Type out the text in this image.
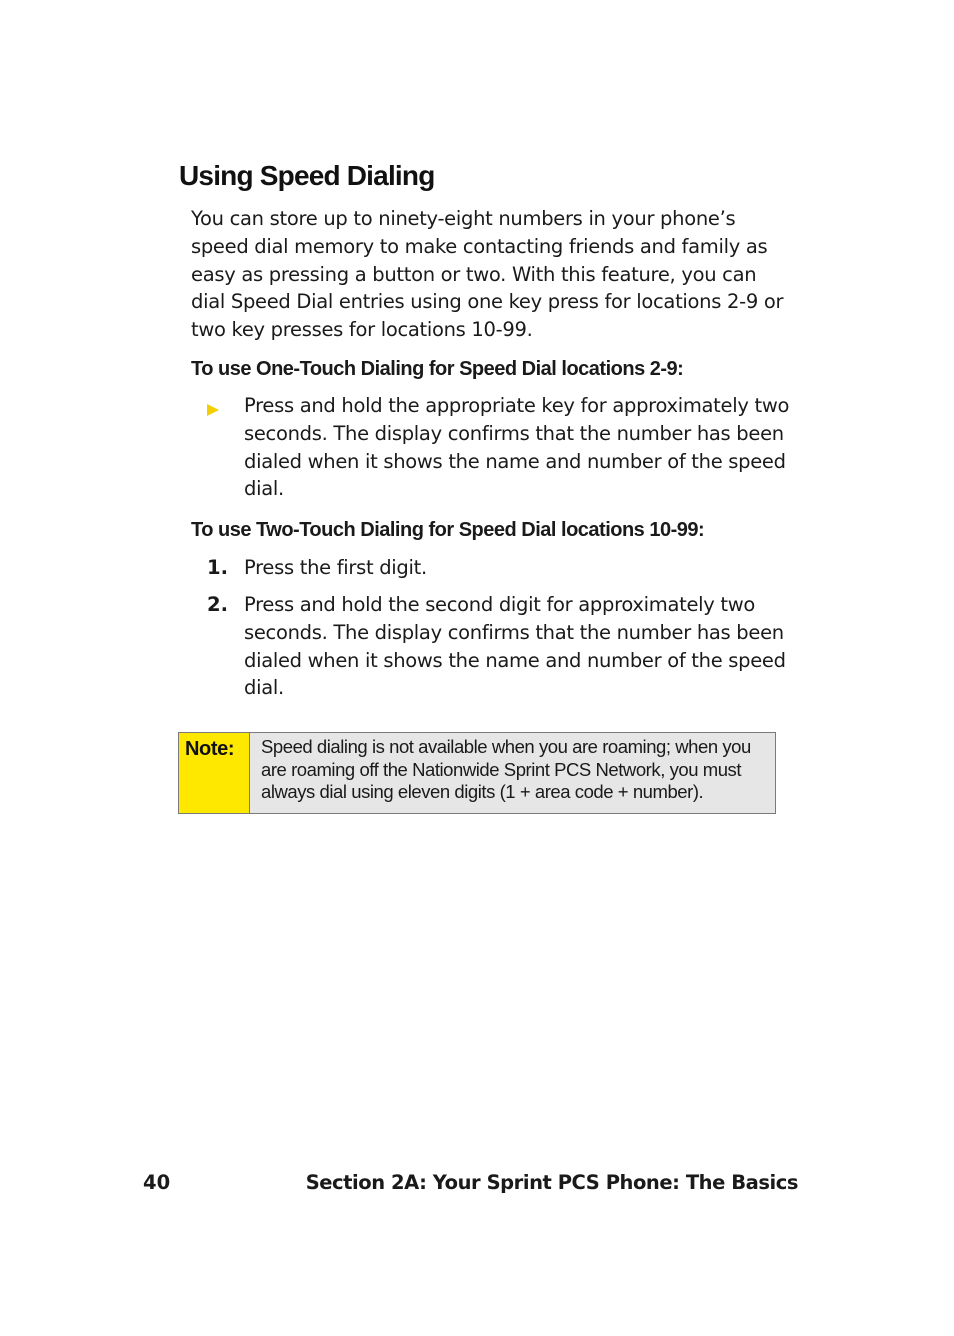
Using Speed Dialing

You can store up to ninety-eight numbers in your phone’s speed dial memory to make contacting friends and family as easy as pressing a button or two. With this feature, you can dial Speed Dial entries using one key press for locations 2-9 or two key presses for locations 10-99.

To use One-Touch Dialing for Speed Dial locations 2-9:

Press and hold the appropriate key for approximately two seconds. The display confirms that the number has been dialed when it shows the name and number of the speed dial.

To use Two-Touch Dialing for Speed Dial locations 10-99:
1. Press the first digit.

2. Press and hold the second digit for approximately two seconds. The display confirms that the number has been dialed when it shows the name and number of the speed dial.

Note:	Speed dialing is not available when you are roaming; when you are roaming off the Nationwide Sprint PCS Network, you must always dial using eleven digits (1 + area code + number).

40	Section 2A: Your Sprint PCS Phone: The Basics
